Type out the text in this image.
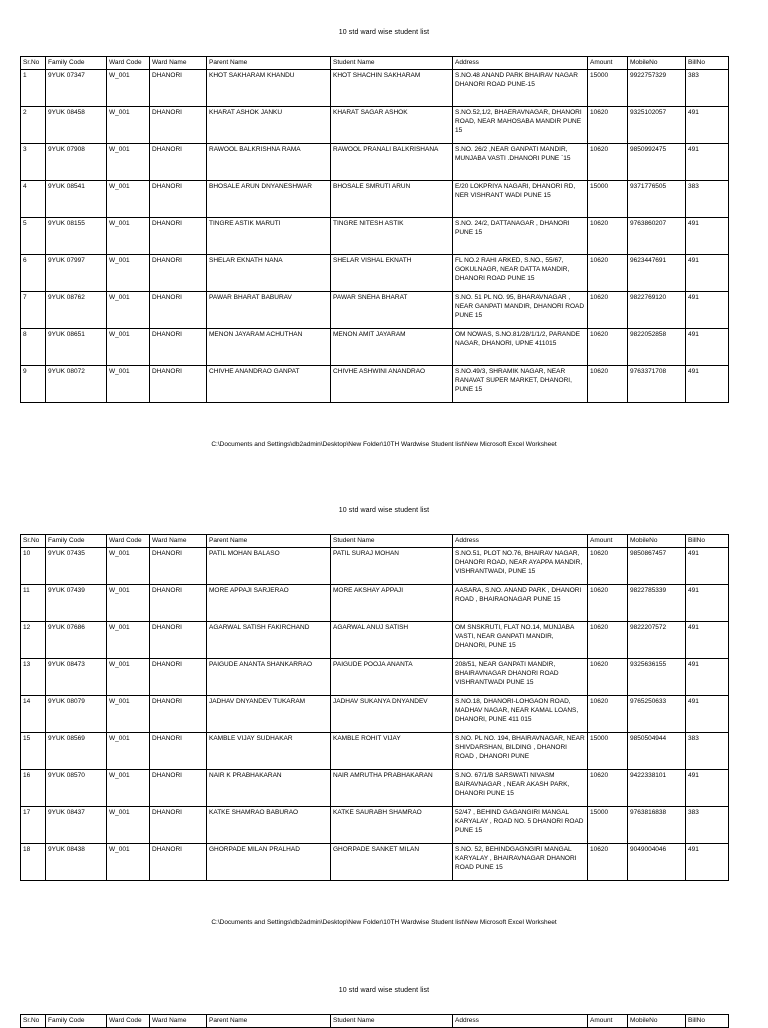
10 std ward wise student list
Sr.No	Family Code	Ward Code	Ward Name	Parent Name	Student Name	Address	Amount	MobileNo	BillNo
1	9YUK 07347	W_001	DHANORI	KHOT SAKHARAM KHANDU	KHOT SHACHIN SAKHARAM	S.NO.48 ANAND PARK BHAIRAV NAGAR DHANORI ROAD PUNE-15	15000	9922757329	383
2	9YUK 08458	W_001	DHANORI	KHARAT ASHOK JANKU	KHARAT SAGAR ASHOK	S.NO.52,1/2, BHAERAVNAGAR, DHANORI ROAD, NEAR MAHOSABA MANDIR PUNE 15	10620	9325102057	491
3	9YUK 07908	W_001	DHANORI	RAWOOL BALKRISHNA RAMA	RAWOOL PRANALI BALKRISHANA	S.NO. 26/2 ,NEAR GANPATI MANDIR, MUNJABA VASTI .DHANORI PUNE `15	10620	9850992475	491
4	9YUK 08541	W_001	DHANORI	BHOSALE ARUN DNYANESHWAR	BHOSALE SMRUTI ARUN	E/20 LOKPRIYA NAGARI, DHANORI RD, NER VISHRANT WADI PUNE 15	15000	9371776505	383
5	9YUK 08155	W_001	DHANORI	TINGRE ASTIK MARUTI	TINGRE NITESH ASTIK	S.NO. 24/2, DATTANAGAR , DHANORI PUNE 15	10620	9763860207	491
6	9YUK 07997	W_001	DHANORI	SHELAR EKNATH NANA	SHELAR VISHAL EKNATH	FL NO.2 RAHI ARKED, S.NO., 55/67, GOKULNAGR, NEAR DATTA MANDIR, DHANORI ROAD PUNE 15	10620	9623447691	491
7	9YUK 08762	W_001	DHANORI	PAWAR BHARAT BABURAV	PAWAR SNEHA BHARAT	S.NO. 51 PL NO. 95, BHARAVNAGAR , NEAR GANPATI MANDIR, DHANORI ROAD PUNE 15	10620	9822769120	491
8	9YUK 08651	W_001	DHANORI	MENON JAYARAM ACHUTHAN	MENON AMIT JAYARAM	OM NOWAS, S.NO.81/28/1/1/2, PARANDE NAGAR, DHANORI, UPNE 411015	10620	9822052858	491
9	9YUK 08072	W_001	DHANORI	CHIVHE ANANDRAO GANPAT	CHIVHE ASHWINI ANANDRAO	S.NO.49/3, SHRAMIK NAGAR, NEAR RANAVAT SUPER MARKET, DHANORI, PUNE 15	10620	9763371708	491
C:\Documents and Settings\db2admin\Desktop\New Folder\10TH Wardwise Student list\New Microsoft Excel Worksheet
10 std ward wise student list
Sr.No	Family Code	Ward Code	Ward Name	Parent Name	Student Name	Address	Amount	MobileNo	BillNo
10	9YUK 07435	W_001	DHANORI	PATIL MOHAN BALASO	PATIL SURAJ MOHAN	S.NO.51, PLOT NO.76, BHAIRAV NAGAR, DHANORI ROAD, NEAR AYAPPA MANDIR, VISHRANTWADI, PUNE 15	10620	9850867457	491
11	9YUK 07439	W_001	DHANORI	MORE APPAJI SARJERAO	MORE AKSHAY APPAJI	AASARA, S.NO. ANAND PARK , DHANORI ROAD , BHAIRAONAGAR PUNE 15	10620	9822785339	491
12	9YUK 07686	W_001	DHANORI	AGARWAL SATISH FAKIRCHAND	AGARWAL ANUJ SATISH	OM SNSKRUTI, FLAT NO.14, MUNJABA VASTI, NEAR GANPATI MANDIR, DHANORI, PUNE 15	10620	9822207572	491
13	9YUK 08473	W_001	DHANORI	PAIGUDE ANANTA SHANKARRAO	PAIGUDE POOJA ANANTA	208/51, NEAR GANPATI MANDIR, BHAIRAVNAGAR DHANORI ROAD VISHRANTWADI PUNE 15	10620	9325636155	491
14	9YUK 08079	W_001	DHANORI	JADHAV DNYANDEV TUKARAM	JADHAV SUKANYA DNYANDEV	S.NO.18, DHANORI-LOHGAON ROAD, MADHAV NAGAR, NEAR KAMAL LOANS, DHANORI, PUNE 411 015	10620	9765250633	491
15	9YUK 08569	W_001	DHANORI	KAMBLE VIJAY SUDHAKAR	KAMBLE ROHIT VIJAY	S.NO. PL NO. 194, BHAIRAVNAGAR, NEAR SHIVDARSHAN, BILDING , DHANORI ROAD , DHANORI PUNE	15000	9850504944	383
16	9YUK 08570	W_001	DHANORI	NAIR K PRABHAKARAN	NAIR AMRUTHA PRABHAKARAN	S.NO. 67/1/B SARSWATI NIVASM BAIRAVNAGAR , NEAR AKASH PARK, DHANORI PUNE 15	10620	9422338101	491
17	9YUK 08437	W_001	DHANORI	KATKE SHAMRAO BABURAO	KATKE SAURABH SHAMRAO	52/47 , BEHIND GAGANGIRI MANGAL KARYALAY , ROAD NO. 5 DHANORI ROAD PUNE 15	15000	9763816838	383
18	9YUK 08438	W_001	DHANORI	GHORPADE MILAN PRALHAD	GHORPADE SANKET MILAN	S.NO. 52, BEHINDGAGNGIRI MANGAL KARYALAY , BHAIRAVNAGAR DHANORI ROAD PUNE 15	10620	9049004046	491
C:\Documents and Settings\db2admin\Desktop\New Folder\10TH Wardwise Student list\New Microsoft Excel Worksheet
10 std ward wise student list
Sr.No	Family Code	Ward Code	Ward Name	Parent Name	Student Name	Address	Amount	MobileNo	BillNo
